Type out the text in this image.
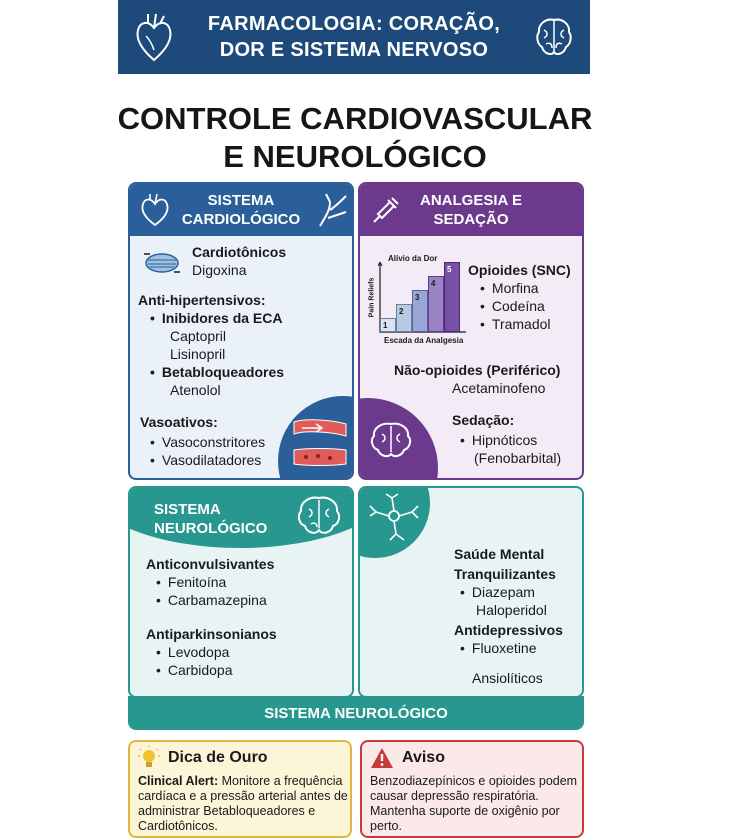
FARMACOLOGIA: CORAÇÃO,
DOR E SISTEMA NERVOSO
CONTROLE CARDIOVASCULAR
E NEUROLÓGICO
SISTEMA
CARDIOLÓGICO
Cardiotônicos
Digoxina
Anti-hipertensivos:
• Inibidores da ECA
Captopril
Lisinopril
• Betabloqueadores
Atenolol
Vasoativos:
• Vasoconstritores
• Vasodilatadores
ANALGESIA E
SEDAÇÃO
Alívio da Dor
Pain Reliefs
1
2
3
4
5
Escada da Analgesia
Opioides (SNC)
• Morfina
• Codeína
• Tramadol
Não-opioides (Periférico)
Acetaminofeno
Sedação:
• Hipnóticos
(Fenobarbital)
SISTEMA
NEUROLÓGICO
Anticonvulsivantes
• Fenitoína
• Carbamazepina
Antiparkinsonianos
• Levodopa
• Carbidopa
Saúde Mental
Tranquilizantes
• Diazepam
Haloperidol
Antidepressivos
• Fluoxetine
Ansiolíticos
SISTEMA NEUROLÓGICO
Dica de Ouro
Clinical Alert: Monitore a frequência cardíaca e a pressão arterial antes de administrar Betabloqueadores e Cardiotônicos.
Aviso
Benzodiazepínicos e opioides podem causar depressão respiratória. Mantenha suporte de oxigênio por perto.
